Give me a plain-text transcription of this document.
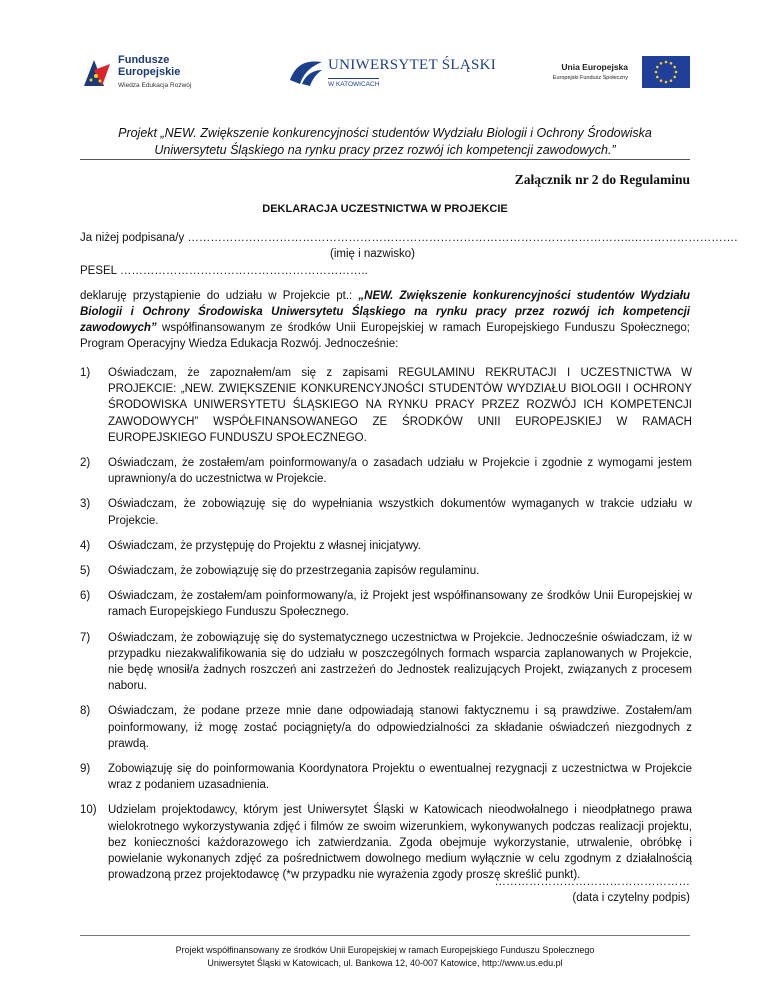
Fundusze Europejskie
Wiedza Edukacja Rozwój
UNIWERSYTET ŚLĄSKI
W KATOWICACH
Unia Europejska
Europejski Fundusz Społeczny
Projekt „NEW. Zwiększenie konkurencyjności studentów Wydziału Biologii i Ochrony Środowiska
Uniwersytetu Śląskiego na rynku pracy przez rozwój ich kompetencji zawodowych.”
Załącznik nr 2 do Regulaminu
DEKLARACJA UCZESTNICTWA W PROJEKCIE
Ja niżej podpisana/y ……………………………………………………………………………………………………..……………………….
(imię i nazwisko)
PESEL ………………………………………………………..
deklaruję przystąpienie do udziału w Projekcie pt.: „NEW. Zwiększenie konkurencyjności studentów Wydziału Biologii i Ochrony Środowiska Uniwersytetu Śląskiego na rynku pracy przez rozwój ich kompetencji zawodowych” współfinansowanym ze środków Unii Europejskiej w ramach Europejskiego Funduszu Społecznego; Program Operacyjny Wiedza Edukacja Rozwój. Jednocześnie:
1) Oświadczam, że zapoznałem/am się z zapisami REGULAMINU REKRUTACJI I UCZESTNICTWA W PROJEKCIE: „NEW. ZWIĘKSZENIE KONKURENCYJNOŚCI STUDENTÓW WYDZIAŁU BIOLOGII I OCHRONY ŚRODOWISKA UNIWERSYTETU ŚLĄSKIEGO NA RYNKU PRACY PRZEZ ROZWÓJ ICH KOMPETENCJI ZAWODOWYCH” WSPÓŁFINANSOWANEGO ZE ŚRODKÓW UNII EUROPEJSKIEJ W RAMACH EUROPEJSKIEGO FUNDUSZU SPOŁECZNEGO.
2) Oświadczam, że zostałem/am poinformowany/a o zasadach udziału w Projekcie i zgodnie z wymogami jestem uprawniony/a do uczestnictwa w Projekcie.
3) Oświadczam, że zobowiązuję się do wypełniania wszystkich dokumentów wymaganych w trakcie udziału w Projekcie.
4) Oświadczam, że przystępuję do Projektu z własnej inicjatywy.
5) Oświadczam, że zobowiązuję się do przestrzegania zapisów regulaminu.
6) Oświadczam, że zostałem/am poinformowany/a, iż Projekt jest współfinansowany ze środków Unii Europejskiej w ramach Europejskiego Funduszu Społecznego.
7) Oświadczam, że zobowiązuję się do systematycznego uczestnictwa w Projekcie. Jednocześnie oświadczam, iż w przypadku niezakwalifikowania się do udziału w poszczególnych formach wsparcia zaplanowanych w Projekcie, nie będę wnosił/a żadnych roszczeń ani zastrzeżeń do Jednostek realizujących Projekt, związanych z procesem naboru.
8) Oświadczam, że podane przeze mnie dane odpowiadają stanowi faktycznemu i są prawdziwe. Zostałem/am poinformowany, iż mogę zostać pociągnięty/a do odpowiedzialności za składanie oświadczeń niezgodnych z prawdą.
9) Zobowiązuję się do poinformowania Koordynatora Projektu o ewentualnej rezygnacji z uczestnictwa w Projekcie wraz z podaniem uzasadnienia.
10) Udzielam projektodawcy, którym jest Uniwersytet Śląski w Katowicach nieodwołalnego i nieodpłatnego prawa wielokrotnego wykorzystywania zdjęć i filmów ze swoim wizerunkiem, wykonywanych podczas realizacji projektu, bez konieczności każdorazowego ich zatwierdzania. Zgoda obejmuje wykorzystanie, utrwalenie, obróbkę i powielanie wykonanych zdjęć za pośrednictwem dowolnego medium wyłącznie w celu zgodnym z działalnością prowadzoną przez projektodawcę (*w przypadku nie wyrażenia zgody proszę skreślić punkt).
……………………………………………
(data i czytelny podpis)
Projekt współfinansowany ze środków Unii Europejskiej w ramach Europejskiego Funduszu Społecznego
Uniwersytet Śląski w Katowicach, ul. Bankowa 12, 40-007 Katowice, http://www.us.edu.pl
